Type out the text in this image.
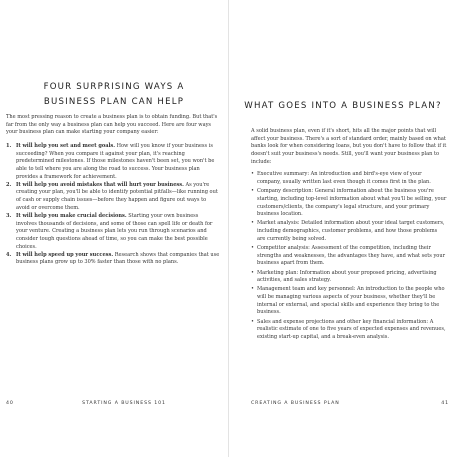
FOUR SURPRISING WAYS A
BUSINESS PLAN CAN HELP

The most pressing reason to create a business plan is to obtain funding. But that's far from the only way a business plan can help you succeed. Here are four ways your business plan can make starting your company easier:

1. It will help you set and meet goals. How will you know if your business is succeeding? When you compare it against your plan, it's reaching predetermined milestones. If those milestones haven't been set, you won't be able to tell where you are along the road to success. Your business plan provides a framework for achievement.
2. It will help you avoid mistakes that will hurt your business. As you're creating your plan, you'll be able to identify potential pitfalls—like running out of cash or supply chain issues—before they happen and figure out ways to avoid or overcome them.
3. It will help you make crucial decisions. Starting your own business involves thousands of decisions, and some of those can spell life or death for your venture. Creating a business plan lets you run through scenarios and consider tough questions ahead of time, so you can make the best possible choices.
4. It will help speed up your success. Research shows that companies that use business plans grow up to 30% faster than those with no plans.
40	STARTING A BUSINESS 101
WHAT GOES INTO A BUSINESS PLAN?

A solid business plan, even if it's short, hits all the major points that will affect your business. There's a sort of standard order, mainly based on what banks look for when considering loans, but you don't have to follow that if it doesn't suit your business's needs. Still, you'll want your business plan to include:

• Executive summary: An introduction and bird's-eye view of your company, usually written last even though it comes first in the plan.
• Company description: General information about the business you're starting, including top-level information about what you'll be selling, your customers/clients, the company's legal structure, and your primary business location.
• Market analysis: Detailed information about your ideal target customers, including demographics, customer problems, and how those problems are currently being solved.
• Competitor analysis: Assessment of the competition, including their strengths and weaknesses, the advantages they have, and what sets your business apart from them.
• Marketing plan: Information about your proposed pricing, advertising activities, and sales strategy.
• Management team and key personnel: An introduction to the people who will be managing various aspects of your business, whether they'll be internal or external, and special skills and experience they bring to the business.
• Sales and expense projections and other key financial information: A realistic estimate of one to five years of expected expenses and revenues, existing start-up capital, and a break-even analysis.
CREATING A BUSINESS PLAN	41
